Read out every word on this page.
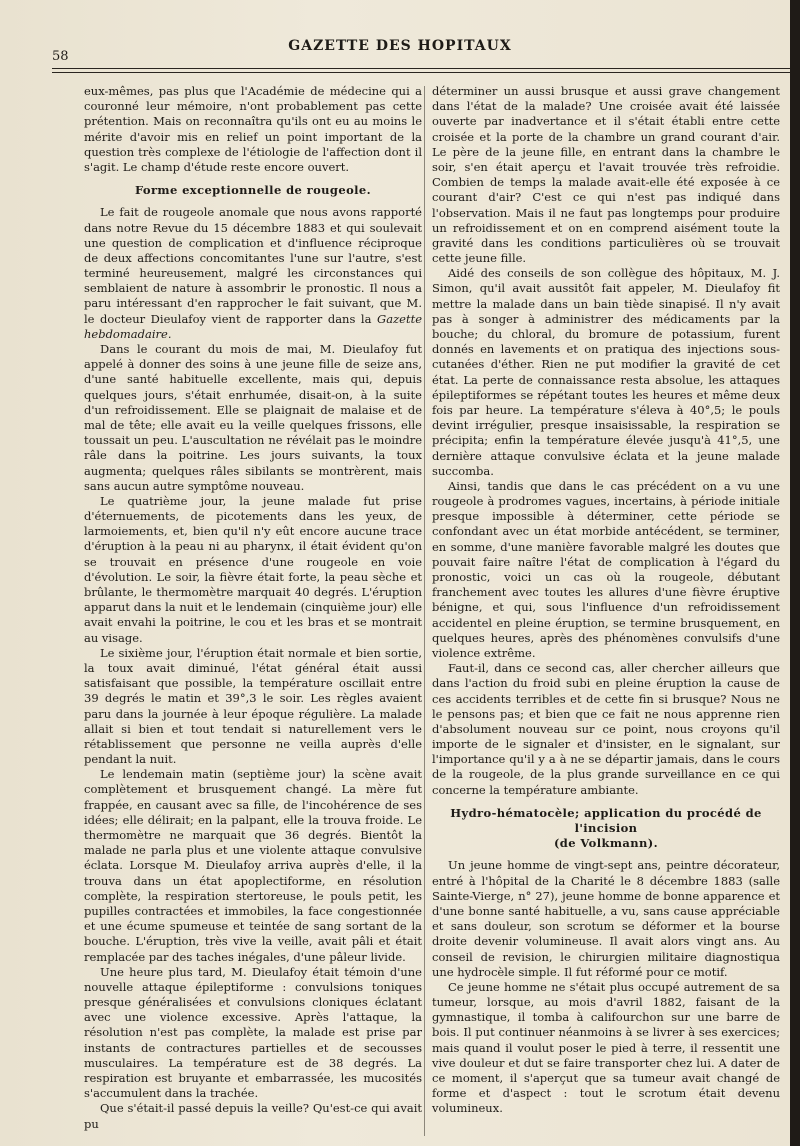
58
GAZETTE DES HOPITAUX

eux-mêmes, pas plus que l'Académie de médecine qui a couronné leur mémoire, n'ont probablement pas cette prétention. Mais on reconnaîtra qu'ils ont eu au moins le mérite d'avoir mis en relief un point important de la question très complexe de l'étiologie de l'affection dont il s'agit. Le champ d'étude reste encore ouvert.

Forme exceptionnelle de rougeole.

Le fait de rougeole anomale que nous avons rapporté dans notre Revue du 15 décembre 1883 et qui soulevait une question de complication et d'influence réciproque de deux affections concomitantes l'une sur l'autre, s'est terminé heureusement, malgré les circonstances qui semblaient de nature à assombrir le pronostic. Il nous a paru intéressant d'en rapprocher le fait suivant, que M. le docteur Dieulafoy vient de rapporter dans la Gazette hebdomadaire.

Dans le courant du mois de mai, M. Dieulafoy fut appelé à donner des soins à une jeune fille de seize ans, d'une santé habituelle excellente, mais qui, depuis quelques jours, s'était enrhumée, disait-on, à la suite d'un refroidissement. Elle se plaignait de malaise et de mal de tête; elle avait eu la veille quelques frissons, elle toussait un peu. L'auscultation ne révélait pas le moindre râle dans la poitrine. Les jours suivants, la toux augmenta; quelques râles sibilants se montrèrent, mais sans aucun autre symptôme nouveau.

Le quatrième jour, la jeune malade fut prise d'éternuements, de picotements dans les yeux, de larmoiements, et, bien qu'il n'y eût encore aucune trace d'éruption à la peau ni au pharynx, il était évident qu'on se trouvait en présence d'une rougeole en voie d'évolution. Le soir, la fièvre était forte, la peau sèche et brûlante, le thermomètre marquait 40 degrés. L'éruption apparut dans la nuit et le lendemain (cinquième jour) elle avait envahi la poitrine, le cou et les bras et se montrait au visage.

Le sixième jour, l'éruption était normale et bien sortie, la toux avait diminué, l'état général était aussi satisfaisant que possible, la température oscillait entre 39 degrés le matin et 39°,3 le soir. Les règles avaient paru dans la journée à leur époque régulière. La malade allait si bien et tout tendait si naturellement vers le rétablissement que personne ne veilla auprès d'elle pendant la nuit.

Le lendemain matin (septième jour) la scène avait complètement et brusquement changé. La mère fut frappée, en causant avec sa fille, de l'incohérence de ses idées; elle délirait; en la palpant, elle la trouva froide. Le thermomètre ne marquait que 36 degrés. Bientôt la malade ne parla plus et une violente attaque convulsive éclata. Lorsque M. Dieulafoy arriva auprès d'elle, il la trouva dans un état apoplectiforme, en résolution complète, la respiration stertoreuse, le pouls petit, les pupilles contractées et immobiles, la face congestionnée et une écume spumeuse et teintée de sang sortant de la bouche. L'éruption, très vive la veille, avait pâli et était remplacée par des taches inégales, d'une pâleur livide.

Une heure plus tard, M. Dieulafoy était témoin d'une nouvelle attaque épileptiforme : convulsions toniques presque généralisées et convulsions cloniques éclatant avec une violence excessive. Après l'attaque, la résolution n'est pas complète, la malade est prise par instants de contractures partielles et de secousses musculaires. La température est de 38 degrés. La respiration est bruyante et embarrassée, les mucosités s'accumulent dans la trachée.

Que s'était-il passé depuis la veille? Qu'est-ce qui avait pu

déterminer un aussi brusque et aussi grave changement dans l'état de la malade? Une croisée avait été laissée ouverte par inadvertance et il s'était établi entre cette croisée et la porte de la chambre un grand courant d'air. Le père de la jeune fille, en entrant dans la chambre le soir, s'en était aperçu et l'avait trouvée très refroidie. Combien de temps la malade avait-elle été exposée à ce courant d'air? C'est ce qui n'est pas indiqué dans l'observation. Mais il ne faut pas longtemps pour produire un refroidissement et on en comprend aisément toute la gravité dans les conditions particulières où se trouvait cette jeune fille.

Aidé des conseils de son collègue des hôpitaux, M. J. Simon, qu'il avait aussitôt fait appeler, M. Dieulafoy fit mettre la malade dans un bain tiède sinapisé. Il n'y avait pas à songer à administrer des médicaments par la bouche; du chloral, du bromure de potassium, furent donnés en lavements et on pratiqua des injections sous-cutanées d'éther. Rien ne put modifier la gravité de cet état. La perte de connaissance resta absolue, les attaques épileptiformes se répétant toutes les heures et même deux fois par heure. La température s'éleva à 40°,5; le pouls devint irrégulier, presque insaisissable, la respiration se précipita; enfin la température élevée jusqu'à 41°,5, une dernière attaque convulsive éclata et la jeune malade succomba.

Ainsi, tandis que dans le cas précédent on a vu une rougeole à prodromes vagues, incertains, à période initiale presque impossible à déterminer, cette période se confondant avec un état morbide antécédent, se terminer, en somme, d'une manière favorable malgré les doutes que pouvait faire naître l'état de complication à l'égard du pronostic, voici un cas où la rougeole, débutant franchement avec toutes les allures d'une fièvre éruptive bénigne, et qui, sous l'influence d'un refroidissement accidentel en pleine éruption, se termine brusquement, en quelques heures, après des phénomènes convulsifs d'une violence extrême.

Faut-il, dans ce second cas, aller chercher ailleurs que dans l'action du froid subi en pleine éruption la cause de ces accidents terribles et de cette fin si brusque? Nous ne le pensons pas; et bien que ce fait ne nous apprenne rien d'absolument nouveau sur ce point, nous croyons qu'il importe de le signaler et d'insister, en le signalant, sur l'importance qu'il y a à ne se départir jamais, dans le cours de la rougeole, de la plus grande surveillance en ce qui concerne la température ambiante.

Hydro-hématocèle; application du procédé de l'incision
(de Volkmann).

Un jeune homme de vingt-sept ans, peintre décorateur, entré à l'hôpital de la Charité le 8 décembre 1883 (salle Sainte-Vierge, n° 27), jeune homme de bonne apparence et d'une bonne santé habituelle, a vu, sans cause appréciable et sans douleur, son scrotum se déformer et la bourse droite devenir volumineuse. Il avait alors vingt ans. Au conseil de revision, le chirurgien militaire diagnostiqua une hydrocèle simple. Il fut réformé pour ce motif.

Ce jeune homme ne s'était plus occupé autrement de sa tumeur, lorsque, au mois d'avril 1882, faisant de la gymnastique, il tomba à califourchon sur une barre de bois. Il put continuer néanmoins à se livrer à ses exercices; mais quand il voulut poser le pied à terre, il ressentit une vive douleur et dut se faire transporter chez lui. A dater de ce moment, il s'aperçut que sa tumeur avait changé de forme et d'aspect : tout le scrotum était devenu volumineux.
